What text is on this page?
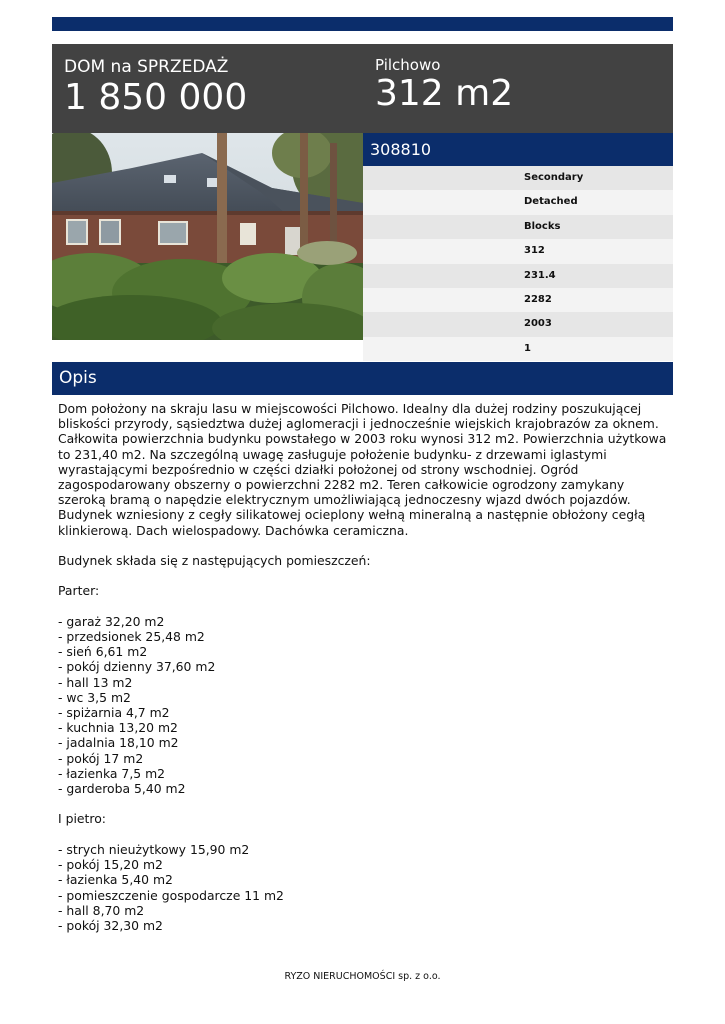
DOM na SPRZEDAŻ
1 850 000
Pilchowo
312 m2
308810
Secondary
Detached
Blocks
312
231.4
2282
2003
1
Opis
Dom położony na skraju lasu w miejscowości Pilchowo. Idealny dla dużej rodziny poszukującej bliskości przyrody, sąsiedztwa dużej aglomeracji i jednocześnie wiejskich krajobrazów za oknem. Całkowita powierzchnia budynku powstałego w 2003 roku wynosi 312 m2. Powierzchnia użytkowa to 231,40 m2. Na szczególną uwagę zasługuje położenie budynku- z drzewami iglastymi wyrastającymi bezpośrednio w części działki położonej od strony wschodniej. Ogród zagospodarowany obszerny o powierzchni 2282 m2. Teren całkowicie ogrodzony zamykany szeroką bramą o napędzie elektrycznym umożliwiającą jednoczesny wjazd dwóch pojazdów. Budynek wzniesiony z cegły silikatowej ocieplony wełną mineralną a następnie obłożony cegłą klinkierową. Dach wielospadowy. Dachówka ceramiczna.

Budynek składa się z następujących pomieszczeń:

Parter:

- garaż 32,20 m2
- przedsionek 25,48 m2
- sień 6,61 m2
- pokój dzienny 37,60 m2
- hall 13 m2
- wc 3,5 m2
- spiżarnia 4,7 m2
- kuchnia 13,20 m2
- jadalnia 18,10 m2
- pokój 17 m2
- łazienka 7,5 m2
- garderoba 5,40 m2

I pietro:

- strych nieużytkowy 15,90 m2
- pokój 15,20 m2
- łazienka 5,40 m2
- pomieszczenie gospodarcze 11 m2
- hall 8,70 m2
- pokój 32,30 m2
RYZO NIERUCHOMOŚCI sp. z o.o.
